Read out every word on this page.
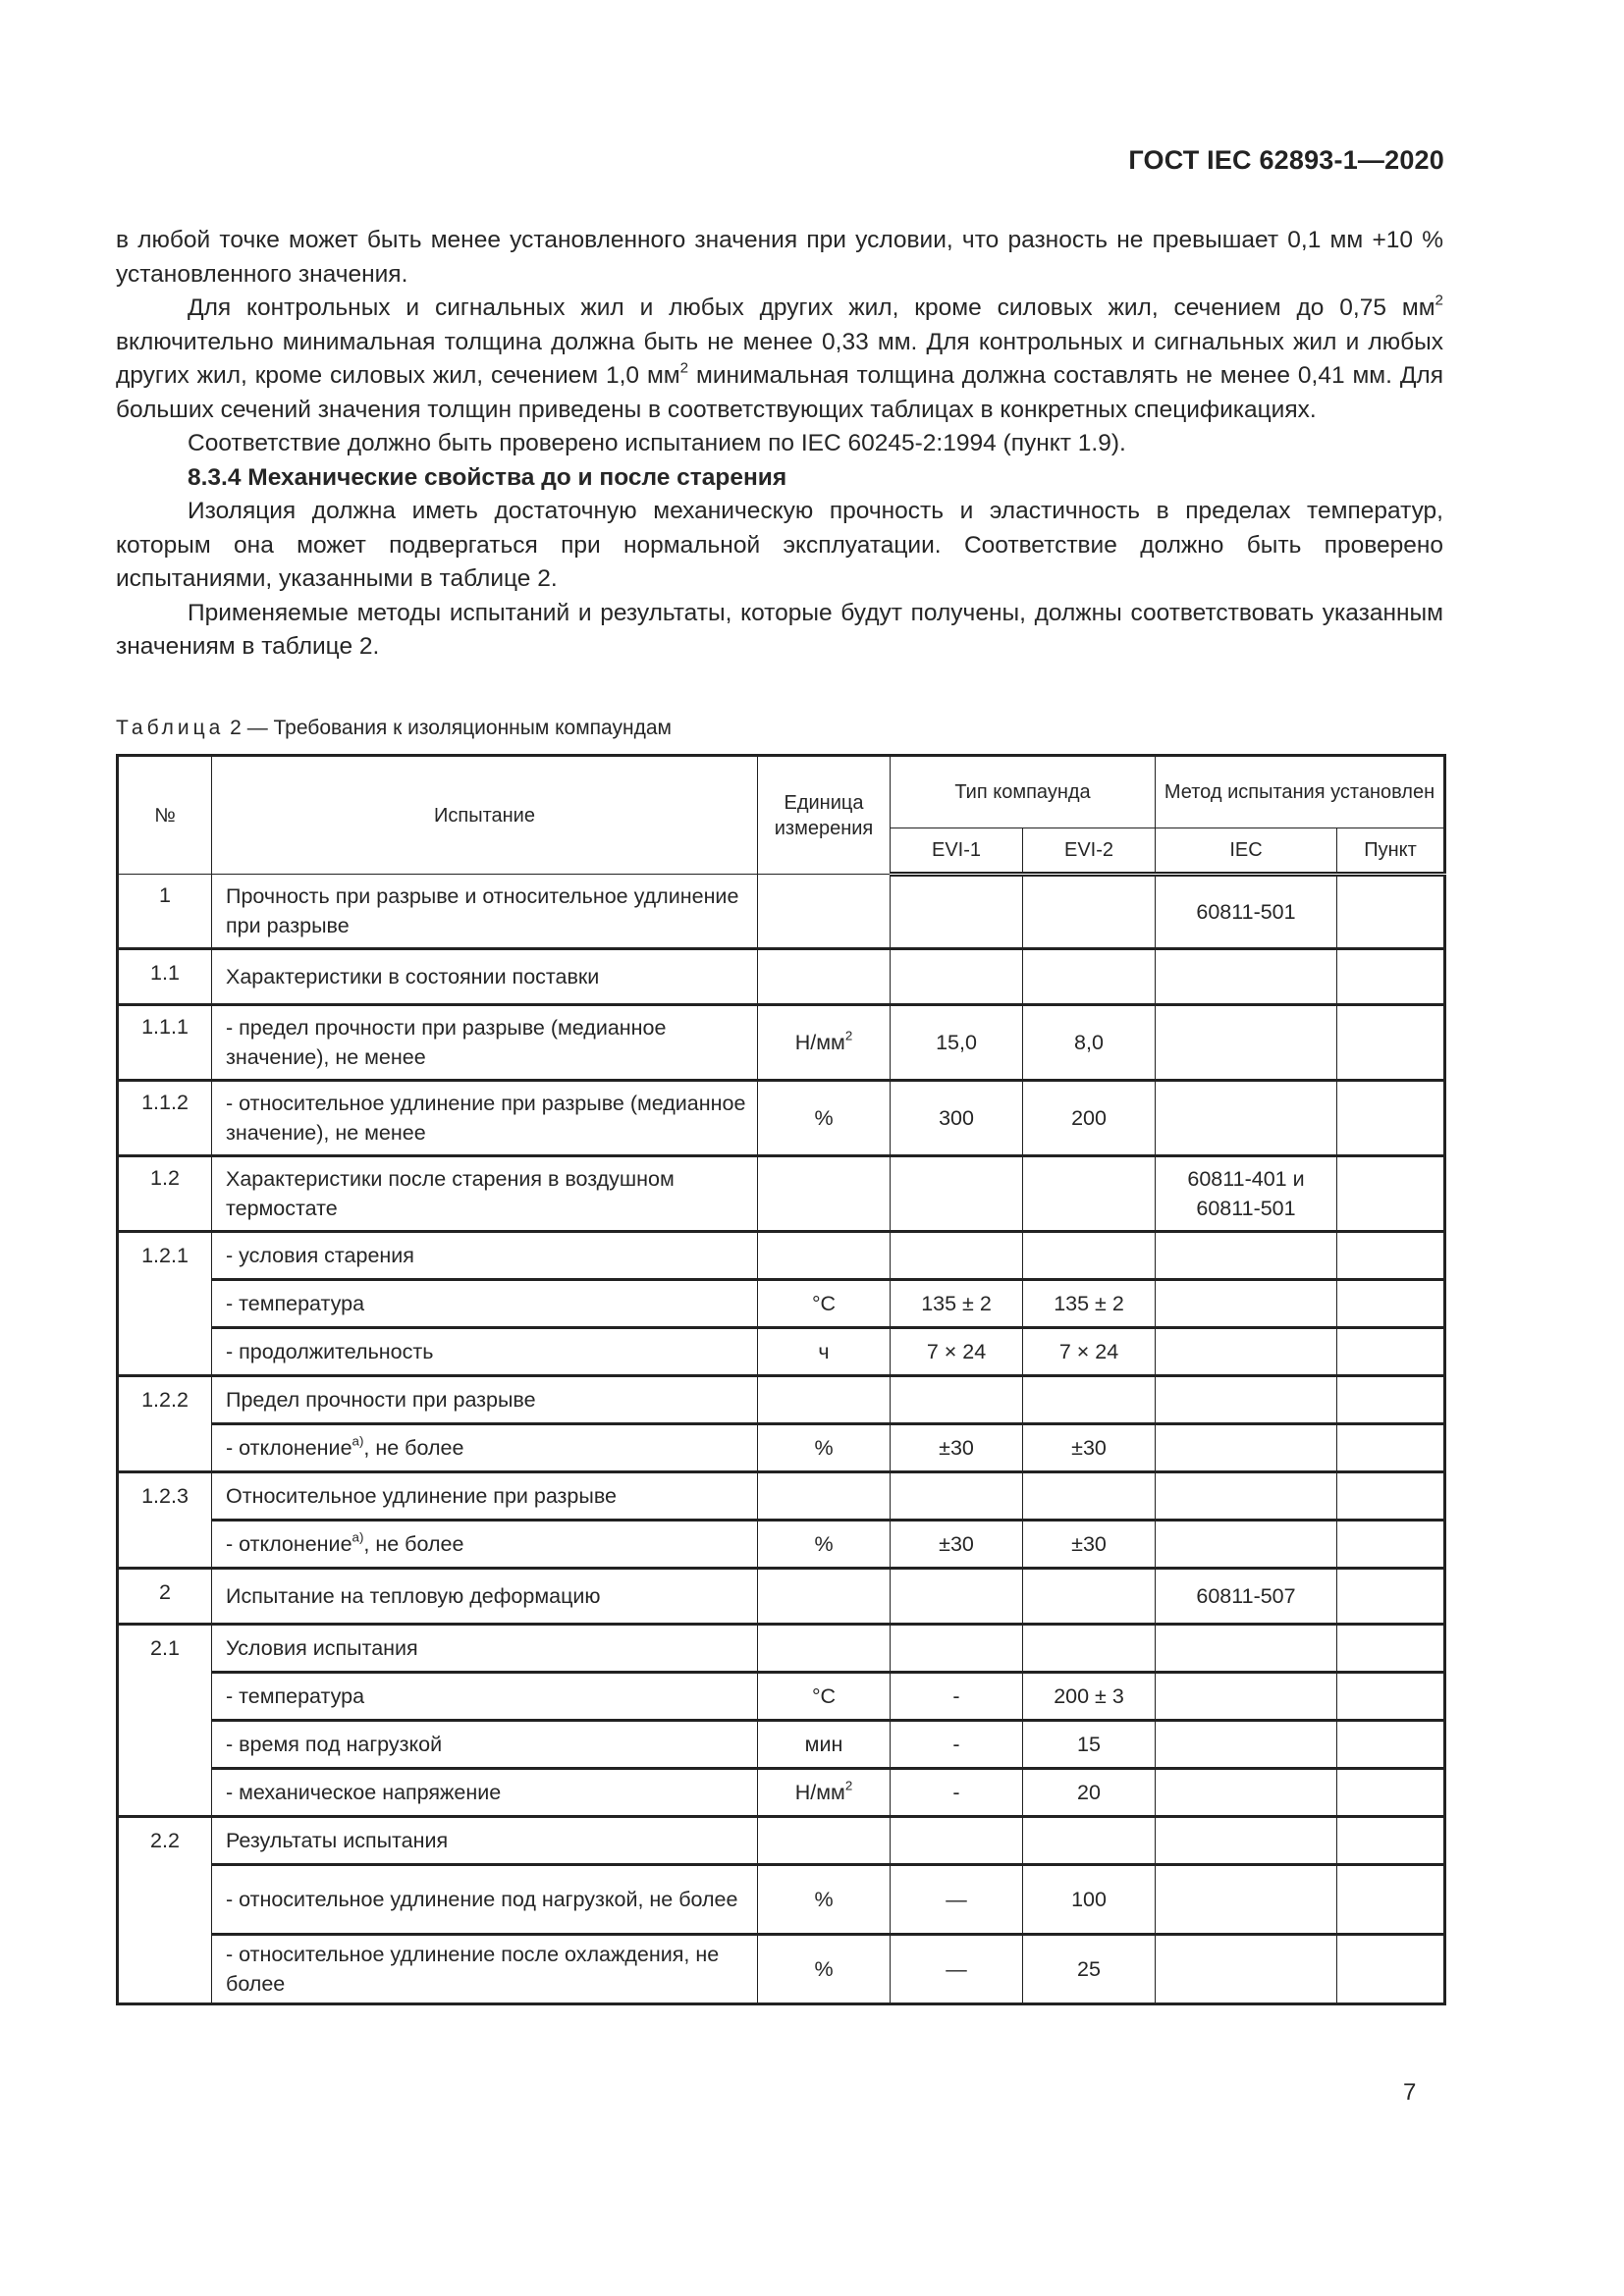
ГОСТ IEC 62893-1—2020

в любой точке может быть менее установленного значения при условии, что разность не превышает 0,1 мм +10 % установленного значения.

Для контрольных и сигнальных жил и любых других жил, кроме силовых жил, сечением до 0,75 $мм^2$ включительно минимальная толщина должна быть не менее 0,33 мм. Для контрольных и сигнальных жил и любых других жил, кроме силовых жил, сечением 1,0 $мм^2$ минимальная толщина должна составлять не менее 0,41 мм. Для больших сечений значения толщин приведены в соответствующих таблицах в конкретных спецификациях.

Соответствие должно быть проверено испытанием по IEC 60245-2:1994 (пункт 1.9).

8.3.4 Механические свойства до и после старения

Изоляция должна иметь достаточную механическую прочность и эластичность в пределах температур, которым она может подвергаться при нормальной эксплуатации. Соответствие должно быть проверено испытаниями, указанными в таблице 2.

Применяемые методы испытаний и результаты, которые будут получены, должны соответствовать указанным значениям в таблице 2.

Таблица 2 — Требования к изоляционным компаундам
№	Испытание	Единица измерения	Тип компаунда		Метод испытания установлен	
			EVI-1	EVI-2	IEC	Пункт
1	Прочность при разрыве и относительное удлинение при разрыве				60811-501	
1.1	Характеристики в состоянии поставки					
1.1.1	- предел прочности при разрыве (медианное значение), не менее	$Н/мм^2$	15,0	8,0		
1.1.2	- относительное удлинение при разрыве (медианное значение), не менее	%	300	200		
1.2	Характеристики после старения в воздушном термостате				60811-401 и 60811-501	
1.2.1	- условия старения					
	- температура	°C	135 ± 2	135 ± 2		
	- продолжительность	ч	7 × 24	7 × 24		
1.2.2	Предел прочности при разрыве					
	- отклонение$^{а)}$, не более	%	±30	±30		
1.2.3	Относительное удлинение при разрыве					
	- отклонение$^{а)}$, не более	%	±30	±30		
2	Испытание на тепловую деформацию				60811-507	
2.1	Условия испытания					
	- температура	°C	-	200 ± 3		
	- время под нагрузкой	мин	-	15		
	- механическое напряжение	$Н/мм^2$	-	20		
2.2	Результаты испытания					
	- относительное удлинение под нагрузкой, не более	%	—	100		
	- относительное удлинение после охлаждения, не более	%	—	25		
7
